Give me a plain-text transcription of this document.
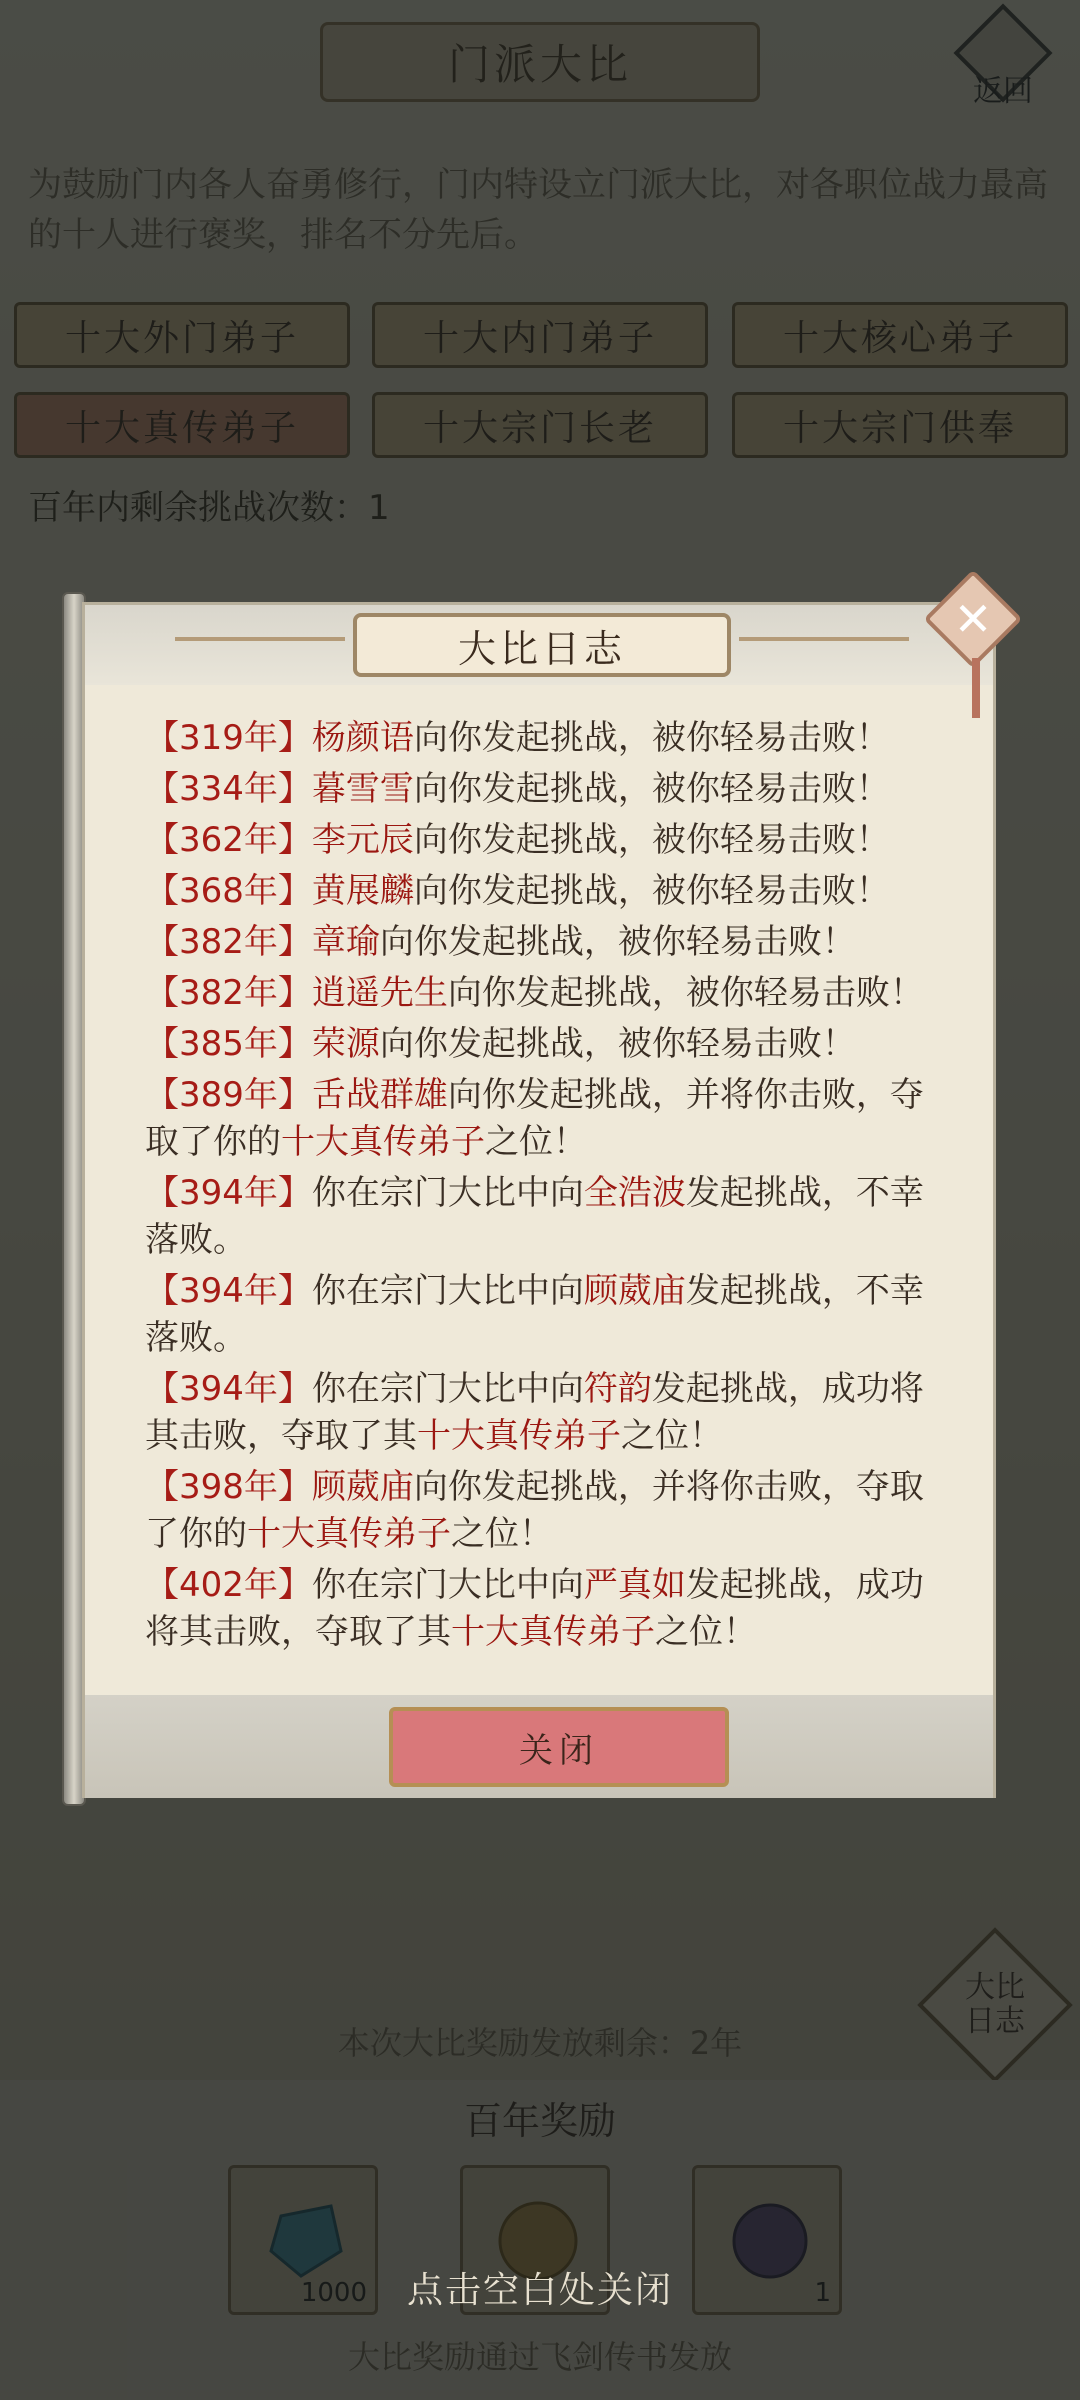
点击空白处关闭
大比日志
【319年】杨颜语向你发起挑战，被你轻易击败！
【334年】暮雪雪向你发起挑战，被你轻易击败！
【362年】李元辰向你发起挑战，被你轻易击败！
【368年】黄展麟向你发起挑战，被你轻易击败！
【382年】章瑜向你发起挑战，被你轻易击败！
【382年】逍遥先生向你发起挑战，被你轻易击败！
【385年】荣源向你发起挑战，被你轻易击败！
【389年】舌战群雄向你发起挑战，并将你击败，夺取了你的十大真传弟子之位！
【394年】你在宗门大比中向全浩波发起挑战，不幸落败。
【394年】你在宗门大比中向顾葳庙发起挑战，不幸落败。
【394年】你在宗门大比中向符韵发起挑战，成功将其击败，夺取了其十大真传弟子之位！
【398年】顾葳庙向你发起挑战，并将你击败，夺取了你的十大真传弟子之位！
【402年】你在宗门大比中向严真如发起挑战，成功将其击败，夺取了其十大真传弟子之位！
关闭
✕
